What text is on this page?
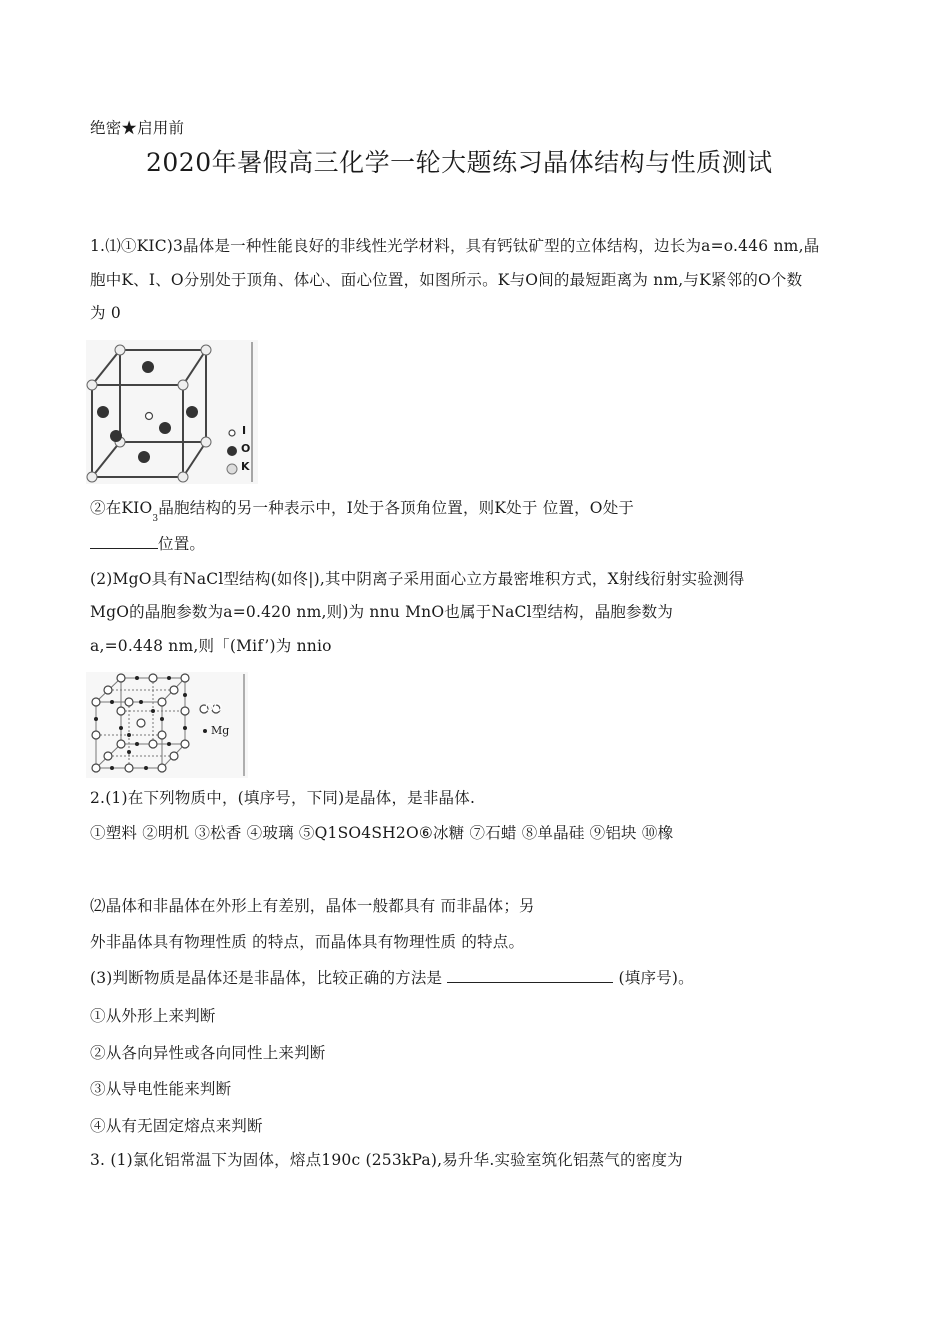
绝密★启用前
2020年暑假高三化学一轮大题练习晶体结构与性质测试
1.⑴①KIC)3晶体是一种性能良好的非线性光学材料，具有钙钛矿型的立体结构，边长为a=o.446 nm,晶
胞中K、I、O分别处于顶角、体心、面心位置，如图所示。K与O间的最短距离为 nm,与K紧邻的O个数
为 0
I
O
K
②在$KIO_3$晶胞结构的另一种表示中，I处于各顶角位置，则K处于 位置，O处于
位置。
(2)MgO具有NaCl型结构(如佟|),其中阴离子采用面心立方最密堆积方式，X射线衍射实验测得
MgO的晶胞参数为a=0.420 nm,则)为 nnu MnO也属于NaCl型结构，晶胞参数为
a,=0.448 nm,则「(Mif’)为 nnio
OO
Mg
2.(1)在下列物质中，(填序号，下同)是晶体，是非晶体.
①塑料 ②明机 ③松香 ④玻璃 ⑤Q1SO4SH2O⑥冰糖 ⑦石蜡 ⑧单晶硅 ⑨铝块 ⑩橡
⑵晶体和非晶体在外形上有差别，晶体一般都具有 而非晶体；另
外非晶体具有物理性质 的特点，而晶体具有物理性质 的特点。
(3)判断物质是晶体还是非晶体，比较正确的方法是	(填序号)。
①从外形上来判断
②从各向异性或各向同性上来判断
③从导电性能来判断
④从有无固定熔点来判断
3. (1)氯化铝常温下为固体，熔点190c (253kPa),易升华.实验室筑化铝蒸气的密度为
